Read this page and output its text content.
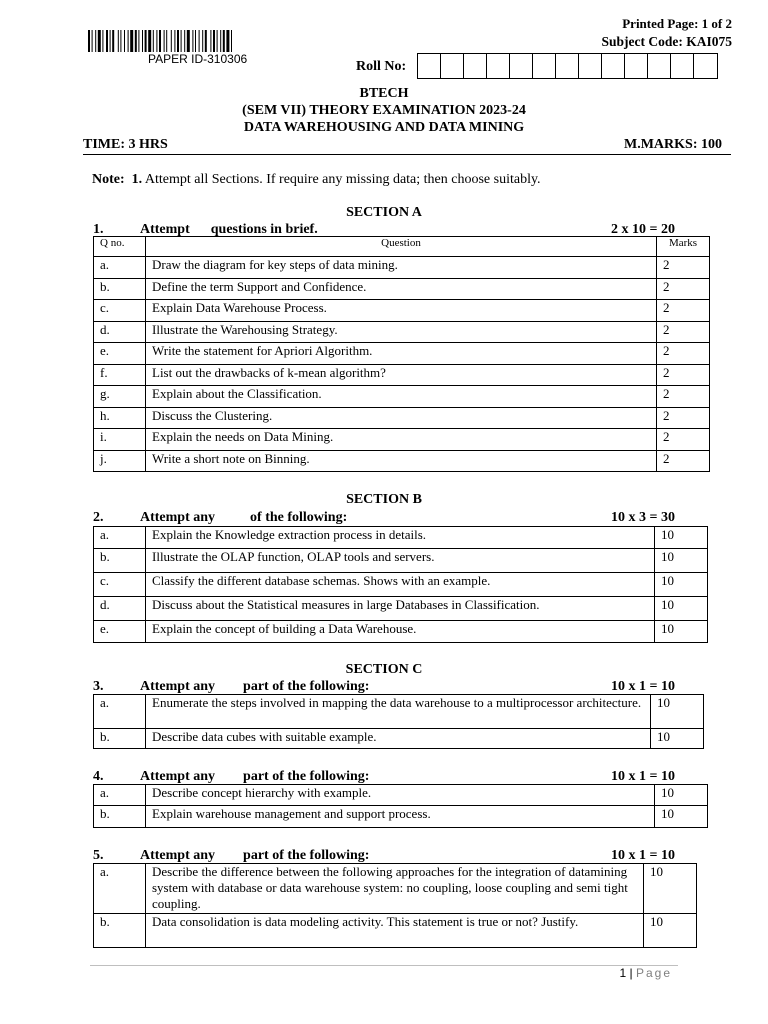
PAPER ID-310306
Printed Page: 1 of 2
Subject Code: KAI075
Roll No:
BTECH
(SEM VII) THEORY EXAMINATION 2023-24
DATA WAREHOUSING AND DATA MINING
TIME: 3 HRS	M.MARKS: 100
Note: 1. Attempt all Sections. If require any missing data; then choose suitably.
SECTION A
1.	Attempt      questions in brief.	2 x 10 = 20
Q no.	Question	Marks
a.	Draw the diagram for key steps of data mining.	2
b.	Define the term Support and Confidence.	2
c.	Explain Data Warehouse Process.	2
d.	Illustrate the Warehousing Strategy.	2
e.	Write the statement for Apriori Algorithm.	2
f.	List out the drawbacks of k-mean algorithm?	2
g.	Explain about the Classification.	2
h.	Discuss the Clustering.	2
i.	Explain the needs on Data Mining.	2
j.	Write a short note on Binning.	2
SECTION B
2.	Attempt any          of the following:	10 x 3 = 30
a.	Explain the Knowledge extraction process in details.	10
b.	Illustrate the OLAP function, OLAP tools and servers.	10
c.	Classify the different database schemas. Shows with an example.	10
d.	Discuss about the Statistical measures in large Databases in Classification.	10
e.	Explain the concept of building a Data Warehouse.	10
SECTION C
3.	Attempt any        part of the following:	10 x 1 = 10
a.	Enumerate the steps involved in mapping the data warehouse to a multiprocessor architecture.	10
b.	Describe data cubes with suitable example.	10
4.	Attempt any        part of the following:	10 x 1 = 10
a.	Describe concept hierarchy with example.	10
b.	Explain warehouse management and support process.	10
5.	Attempt any        part of the following:	10 x 1 = 10
a.	Describe the difference between the following approaches for the integration of datamining system with database or data warehouse system: no coupling, loose coupling and semi tight coupling.	10
b.	Data consolidation is data modeling activity. This statement is true or not? Justify.	10
1 | Page
